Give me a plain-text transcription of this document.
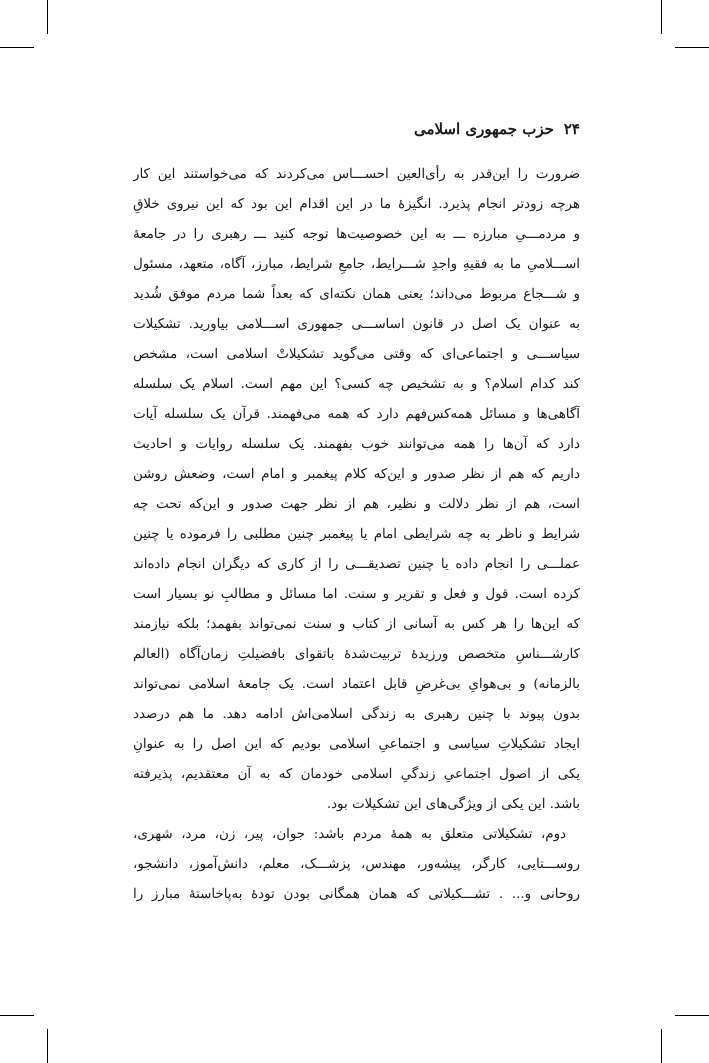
۲۴حزب جمهوری اسلامی
ضرورت را این‌قدر به رأی‌العین احســـاس می‌کردند که می‌خواستند این کار
هرچه زودتر انجام پذیرد. انگیزهٔ ما در این اقدام این بود که این نیروی خلاقِ
و مردمـــیِ مبارزه ـــ به این خصوصیت‌ها توجه کنید ـــ رهبری را در جامعهٔ
اســـلامیِ ما به فقیهِ واجدِ شـــرایط، جامعِ شرایط، مبارز، آگاه، متعهد، مسئول
و شـــجاع مربوط می‌داند؛ یعنی همان نکته‌ای که بعداً شما مردم موفق شُدید
به عنوان یک اصل در قانون اساســـی جمهوری اســـلامی بیاورید. تشکیلات
سیاســـی و اجتماعی‌ای که وقتی می‌گوید تشکیلاتْ اسلامی است، مشخص
کند کدام اسلام؟ و به تشخیص چه کسی؟ این مهم است. اسلام یک سلسله
آگاهی‌ها و مسائل همه‌کس‌فهم دارد که همه می‌فهمند. قرآن یک سلسله آیات
دارد که آن‌ها را همه می‌توانند خوب بفهمند. یک سلسله روایات و احادیث
داریم که هم از نظر صدور و این‌که کلام پیغمبر و امام است، وضعش روشن
است، هم از نظر دلالت و نظیر، هم از نظر جهت صدور و این‌که تحت چه
شرایط و ناظر به چه شرایطی امام یا پیغمبر چنین مطلبی را فرموده یا چنین
عملـــی را انجام داده یا چنین تصدیقـــی را از کاری که دیگران انجام داده‌اند
کرده است. قول و فعل و تقریر و سنت. اما مسائل و مطالبِ نو بسیار است
که این‌ها را هر کس به آسانی از کتاب و سنت نمی‌تواند بفهمد؛ بلکه نیازمند
کارشـــناسِ متخصص ورزیدهٔ تربیت‌شدهٔ باتقوای بافضیلتِ زمان‌آگاه (العالم
بالزمانه) و بی‌هوایِ بی‌غرضِ قابل اعتماد است. یک جامعهٔ اسلامی نمی‌تواند
بدون پیوند با چنین رهبری به زندگی اسلامی‌اش ادامه دهد. ما هم درصدد
ایجاد تشکیلاتِ سیاسی و اجتماعیِ اسلامی بودیم که این اصل را به عنوانِ
یکی از اصول اجتماعیِ زندگیِ اسلامی خودمان که به آن معتقدیم، پذیرفته
باشد. این یکی از ویژگی‌های این تشکیلات بود.
دوم، تشکیلاتی متعلق به همهٔ مردم باشد: جوان، پیر، زن، مرد، شهری،
روســـتایی، کارگر، پیشه‌ور، مهندس، پزشـــک، معلم، دانش‌آموز، دانشجو،
روحانی و... . تشـــکیلاتی که همان همگانی بودن تودهٔ به‌پاخاستهٔ مبارز را
